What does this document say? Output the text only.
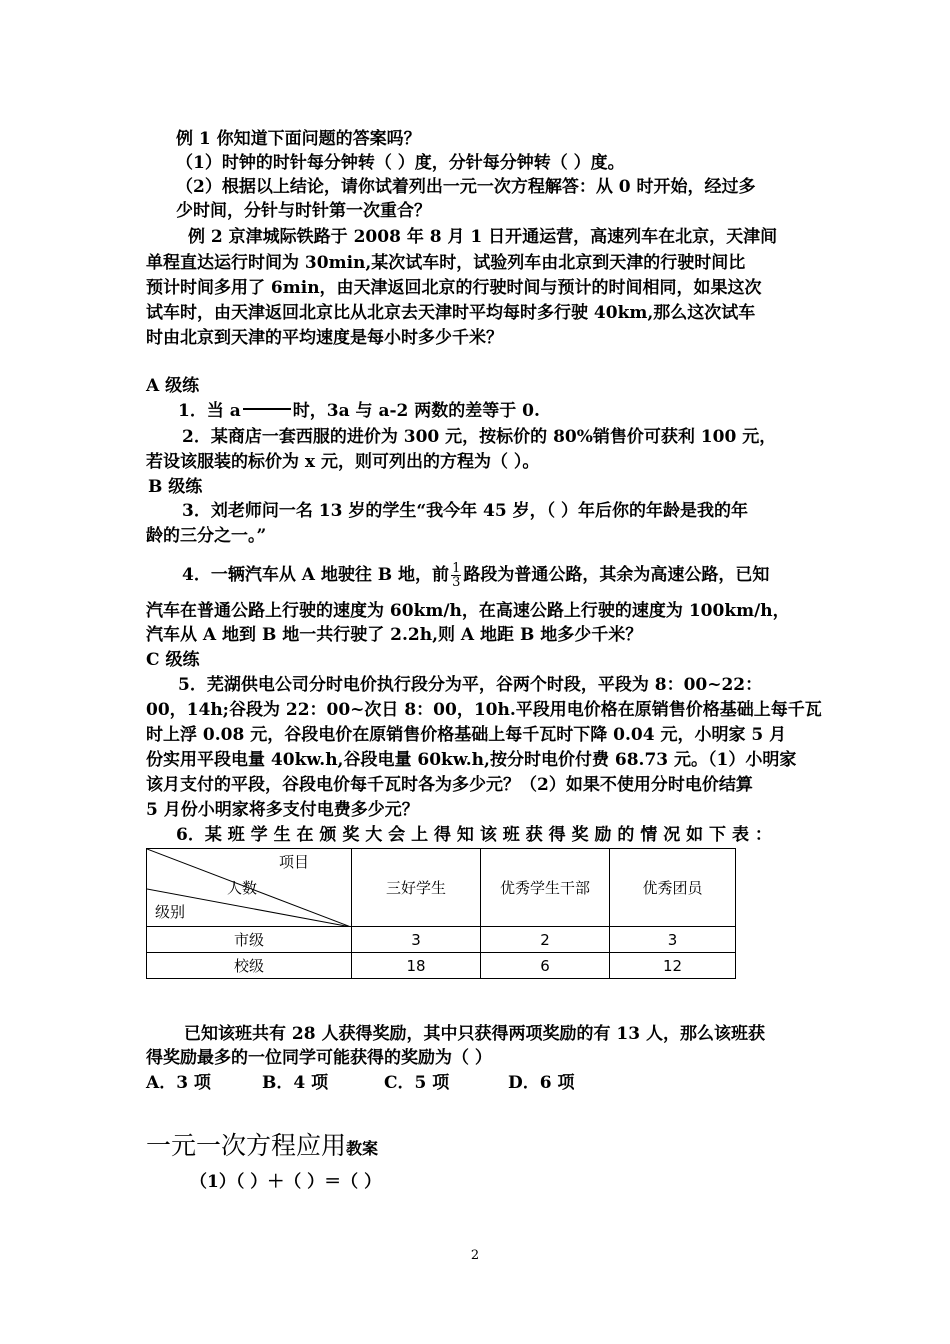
例 1 你知道下面问题的答案吗？
（1）时钟的时针每分钟转（ ）度，分针每分钟转（ ）度。
（2）根据以上结论，请你试着列出一元一次方程解答：从 0 时开始，经过多
少时间，分针与时针第一次重合？
例 2 京津城际铁路于 2008 年 8 月 1 日开通运营，高速列车在北京，天津间
单程直达运行时间为 30min,某次试车时，试验列车由北京到天津的行驶时间比
预计时间多用了 6min，由天津返回北京的行驶时间与预计的时间相同，如果这次
试车时，由天津返回北京比从北京去天津时平均每时多行驶 40km,那么这次试车
时由北京到天津的平均速度是每小时多少千米？
A 级练
1．当 a	时，3a 与 a-2 两数的差等于 0.
2．某商店一套西服的进价为 300 元，按标价的 80%销售价可获利 100 元，
若设该服装的标价为 x 元，则可列出的方程为（ ）。
B 级练
3．刘老师问一名 13 岁的学生“我今年 45 岁，（ ）年后你的年龄是我的年
龄的三分之一。”
4．一辆汽车从 A 地驶往 B 地，前 $\frac{1}{3}$ 路段为普通公路，其余为高速公路，已知
汽车在普通公路上行驶的速度为 60km/h，在高速公路上行驶的速度为 100km/h，
汽车从 A 地到 B 地一共行驶了 2.2h,则 A 地距 B 地多少千米？
C 级练
5．芜湖供电公司分时电价执行段分为平，谷两个时段，平段为 8：00~22：
00，14h;谷段为 22：00~次日 8：00，10h.平段用电价格在原销售价格基础上每千瓦
时上浮 0.08 元，谷段电价在原销售价格基础上每千瓦时下降 0.04 元，小明家 5 月
份实用平段电量 40kw.h,谷段电量 60kw.h,按分时电价付费 68.73 元。（1）小明家
该月支付的平段，谷段电价每千瓦时各为多少元？（2）如果不使用分时电价结算
5 月份小明家将多支付电费多少元？
6．某 班 学 生 在 颁 奖 大 会 上 得 知 该 班 获 得 奖 励 的 情 况 如 下 表 ：
项目
人数
级别	三好学生	优秀学生干部	优秀团员
市级	3	2	3
校级	18	6	12
已知该班共有 28 人获得奖励，其中只获得两项奖励的有 13 人，那么该班获
得奖励最多的一位同学可能获得的奖励为（ ）
A．3 项	B．4 项	C．5 项	D．6 项
一元一次方程应用教案
（1）（ ）＋（ ）＝（ ）
2
